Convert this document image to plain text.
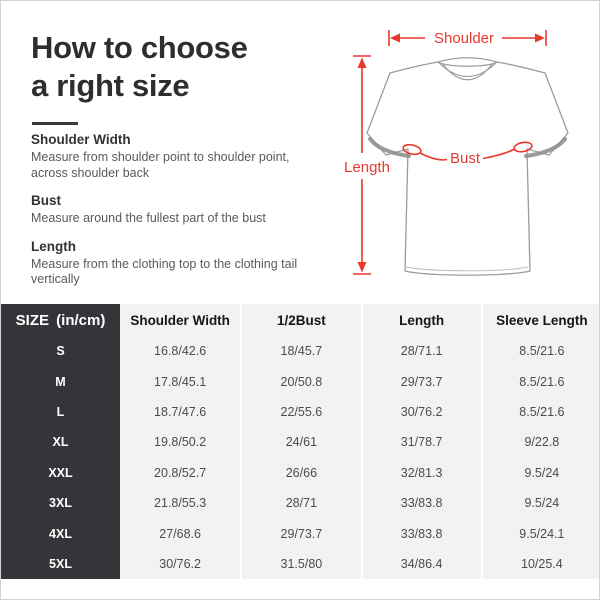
How to choose
a right size
Shoulder Width

Measure from shoulder point to shoulder point, across shoulder back

Bust

Measure around the fullest part of the bust

Length

Measure from the clothing top to the clothing tail vertically

Shoulder
Length
Bust
SIZE (in/cm)	Shoulder Width	1/2Bust	Length	Sleeve Length
S	16.8/42.6	18/45.7	28/71.1	8.5/21.6
M	17.8/45.1	20/50.8	29/73.7	8.5/21.6
L	18.7/47.6	22/55.6	30/76.2	8.5/21.6
XL	19.8/50.2	24/61	31/78.7	9/22.8
XXL	20.8/52.7	26/66	32/81.3	9.5/24
3XL	21.8/55.3	28/71	33/83.8	9.5/24
4XL	27/68.6	29/73.7	33/83.8	9.5/24.1
5XL	30/76.2	31.5/80	34/86.4	10/25.4
